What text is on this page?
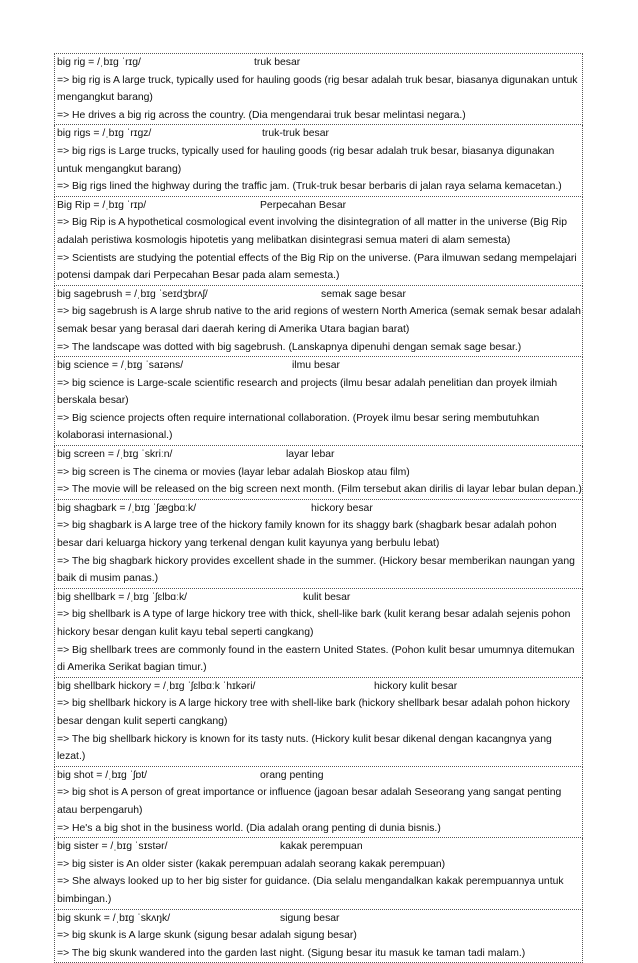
big rig = /ˌbɪɡ ˈrɪɡ/	truk besar
=> big rig is A large truck, typically used for hauling goods (rig besar adalah truk besar, biasanya digunakan untuk mengangkut barang)
=> He drives a big rig across the country. (Dia mengendarai truk besar melintasi negara.)
big rigs = /ˌbɪɡ ˈrɪɡz/	truk-truk besar
=> big rigs is Large trucks, typically used for hauling goods (rig besar adalah truk besar, biasanya digunakan untuk mengangkut barang)
=> Big rigs lined the highway during the traffic jam. (Truk-truk besar berbaris di jalan raya selama kemacetan.)
Big Rip = /ˌbɪɡ ˈrɪp/	Perpecahan Besar
=> Big Rip is A hypothetical cosmological event involving the disintegration of all matter in the universe (Big Rip adalah peristiwa kosmologis hipotetis yang melibatkan disintegrasi semua materi di alam semesta)
=> Scientists are studying the potential effects of the Big Rip on the universe. (Para ilmuwan sedang mempelajari potensi dampak dari Perpecahan Besar pada alam semesta.)
big sagebrush = /ˌbɪɡ ˈseɪdʒbrʌʃ/	semak sage besar
=> big sagebrush is A large shrub native to the arid regions of western North America (semak semak besar adalah semak besar yang berasal dari daerah kering di Amerika Utara bagian barat)
=> The landscape was dotted with big sagebrush. (Lanskapnya dipenuhi dengan semak sage besar.)
big science = /ˌbɪɡ ˈsaɪəns/	ilmu besar
=> big science is Large-scale scientific research and projects (ilmu besar adalah penelitian dan proyek ilmiah berskala besar)
=> Big science projects often require international collaboration. (Proyek ilmu besar sering membutuhkan kolaborasi internasional.)
big screen = /ˌbɪɡ ˈskriːn/	layar lebar
=> big screen is The cinema or movies (layar lebar adalah Bioskop atau film)
=> The movie will be released on the big screen next month. (Film tersebut akan dirilis di layar lebar bulan depan.)
big shagbark = /ˌbɪɡ ˈʃæɡbɑːk/	hickory besar
=> big shagbark is A large tree of the hickory family known for its shaggy bark (shagbark besar adalah pohon besar dari keluarga hickory yang terkenal dengan kulit kayunya yang berbulu lebat)
=> The big shagbark hickory provides excellent shade in the summer. (Hickory besar memberikan naungan yang baik di musim panas.)
big shellbark = /ˌbɪɡ ˈʃɛlbɑːk/	kulit besar
=> big shellbark is A type of large hickory tree with thick, shell-like bark (kulit kerang besar adalah sejenis pohon hickory besar dengan kulit kayu tebal seperti cangkang)
=> Big shellbark trees are commonly found in the eastern United States. (Pohon kulit besar umumnya ditemukan di Amerika Serikat bagian timur.)
big shellbark hickory = /ˌbɪɡ ˈʃɛlbɑːk ˈhɪkəri/	hickory kulit besar
=> big shellbark hickory is A large hickory tree with shell-like bark (hickory shellbark besar adalah pohon hickory besar dengan kulit seperti cangkang)
=> The big shellbark hickory is known for its tasty nuts. (Hickory kulit besar dikenal dengan kacangnya yang lezat.)
big shot = /ˌbɪɡ ˈʃɒt/	orang penting
=> big shot is A person of great importance or influence (jagoan besar adalah Seseorang yang sangat penting atau berpengaruh)
=> He's a big shot in the business world. (Dia adalah orang penting di dunia bisnis.)
big sister = /ˌbɪɡ ˈsɪstər/	kakak perempuan
=> big sister is An older sister (kakak perempuan adalah seorang kakak perempuan)
=> She always looked up to her big sister for guidance. (Dia selalu mengandalkan kakak perempuannya untuk bimbingan.)
big skunk = /ˌbɪɡ ˈskʌŋk/	sigung besar
=> big skunk is A large skunk (sigung besar adalah sigung besar)
=> The big skunk wandered into the garden last night. (Sigung besar itu masuk ke taman tadi malam.)
